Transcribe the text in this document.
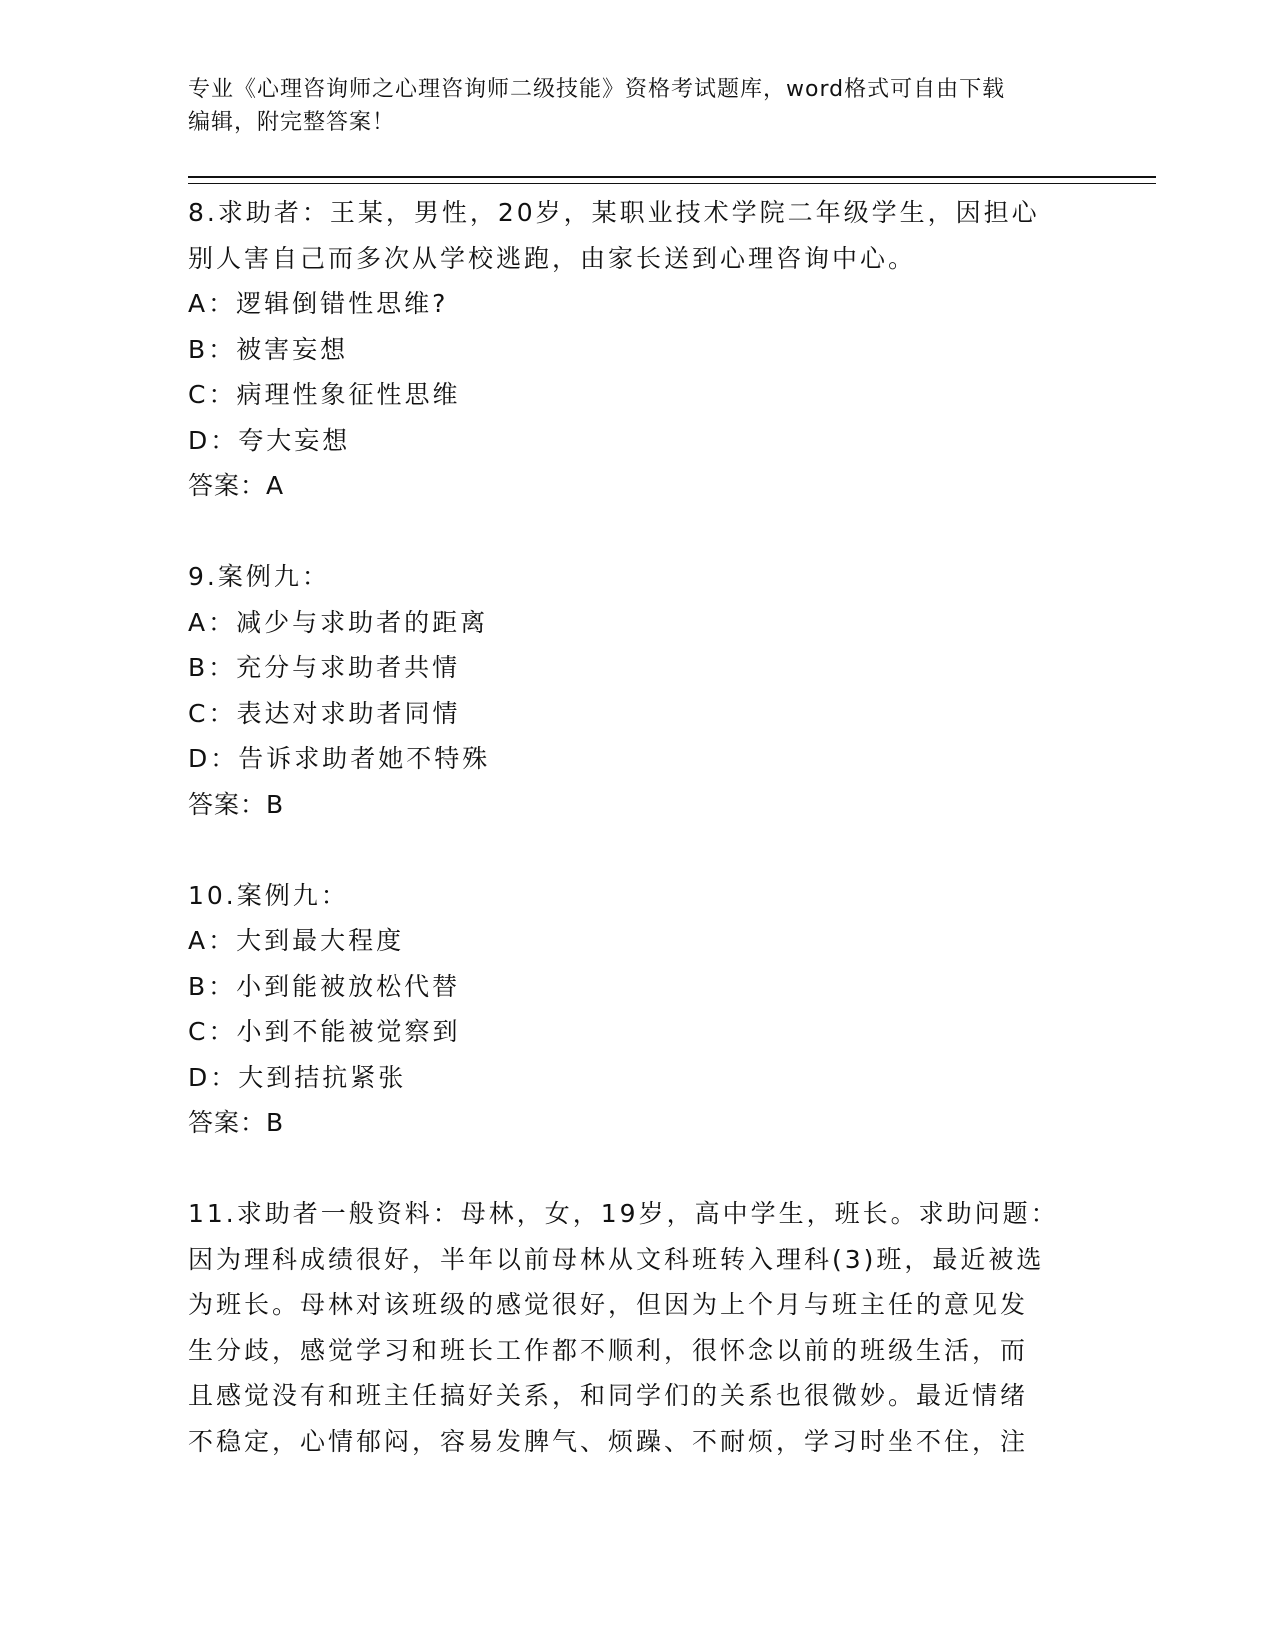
专业《心理咨询师之心理咨询师二级技能》资格考试题库，word格式可自由下载
编辑，附完整答案！
8.求助者：王某，男性，20岁，某职业技术学院二年级学生，因担心
别人害自己而多次从学校逃跑，由家长送到心理咨询中心。
A：逻辑倒错性思维?
B：被害妄想
C：病理性象征性思维
D：夸大妄想
答案：A
9.案例九：
A：减少与求助者的距离
B：充分与求助者共情
C：表达对求助者同情
D：告诉求助者她不特殊
答案：B
10.案例九：
A：大到最大程度
B：小到能被放松代替
C：小到不能被觉察到
D：大到拮抗紧张
答案：B
11.求助者一般资料：母林，女，19岁，高中学生，班长。求助问题：
因为理科成绩很好，半年以前母林从文科班转入理科(3)班，最近被选
为班长。母林对该班级的感觉很好，但因为上个月与班主任的意见发
生分歧，感觉学习和班长工作都不顺利，很怀念以前的班级生活，而
且感觉没有和班主任搞好关系，和同学们的关系也很微妙。最近情绪
不稳定，心情郁闷，容易发脾气、烦躁、不耐烦，学习时坐不住，注
